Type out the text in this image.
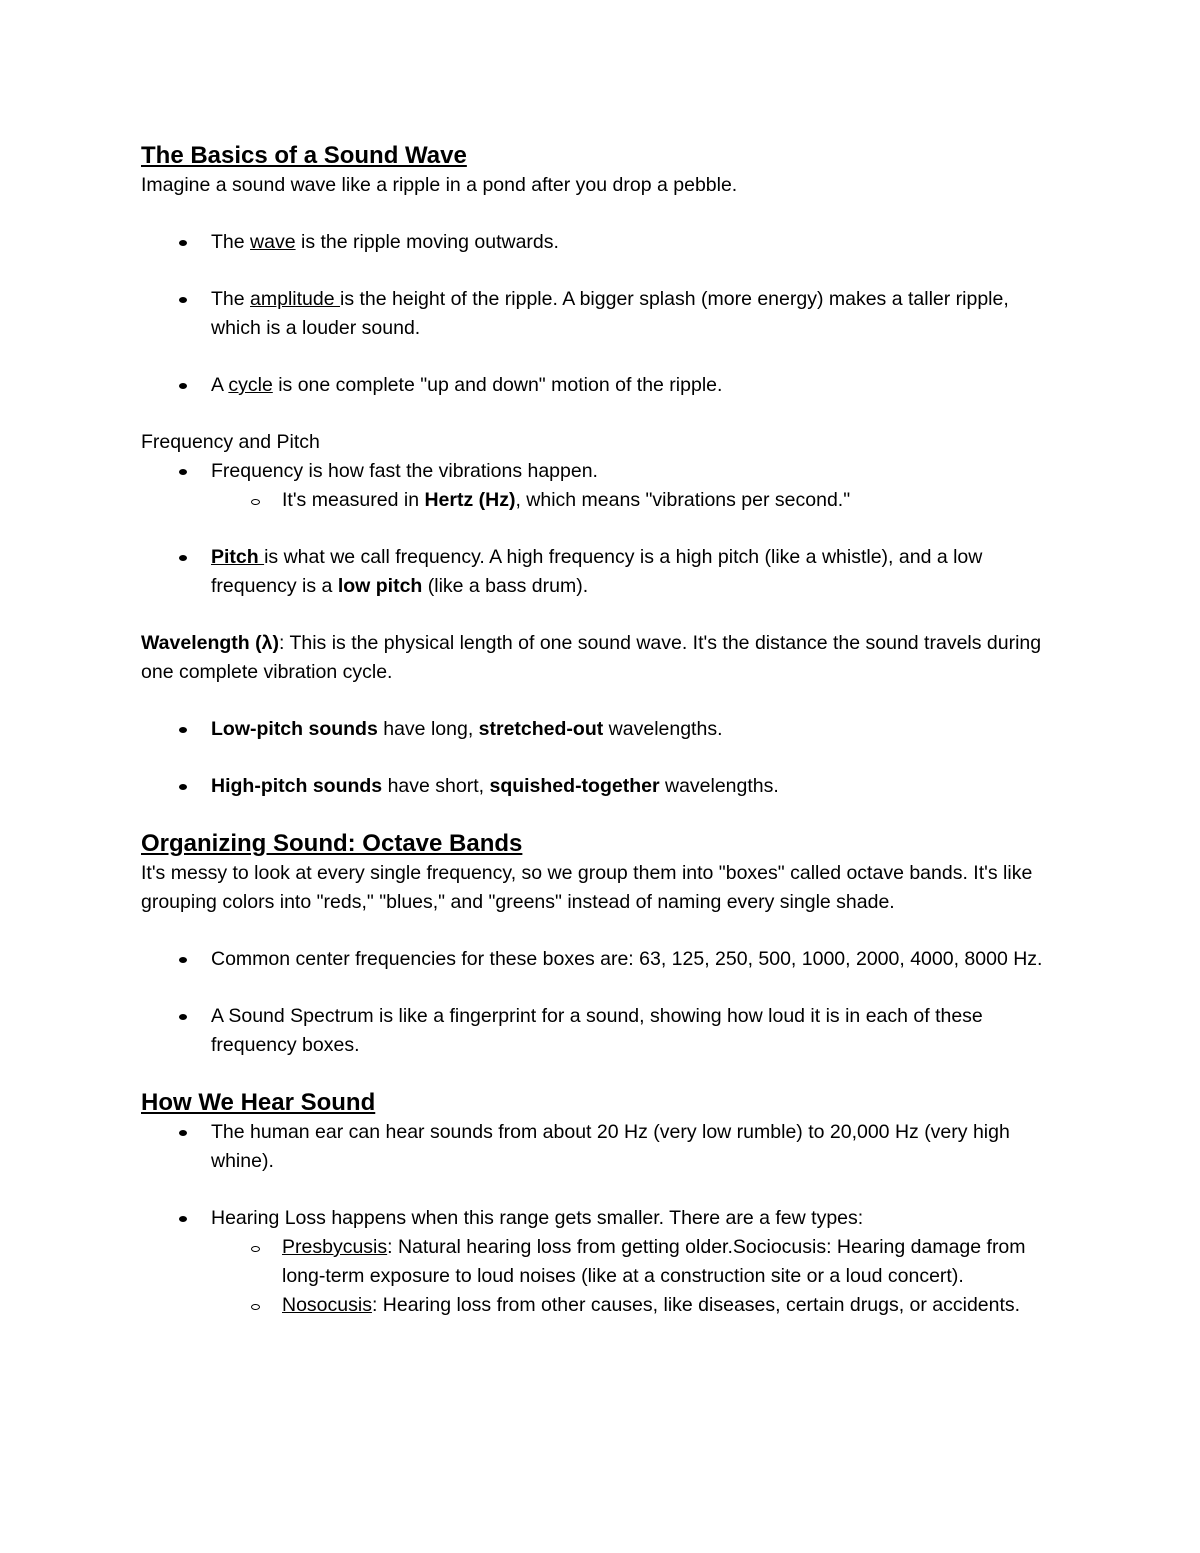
The Basics of a Sound Wave

Imagine a sound wave like a ripple in a pond after you drop a pebble.

The wave is the ripple moving outwards.
The amplitude is the height of the ripple. A bigger splash (more energy) makes a taller ripple, which is a louder sound.
A cycle is one complete "up and down" motion of the ripple.

Frequency and Pitch

Frequency is how fast the vibrations happen.
It's measured in Hertz (Hz), which means "vibrations per second."
Pitch is what we call frequency. A high frequency is a high pitch (like a whistle), and a low frequency is a low pitch (like a bass drum).

Wavelength (λ): This is the physical length of one sound wave. It's the distance the sound travels during one complete vibration cycle.

Low-pitch sounds have long, stretched-out wavelengths.
High-pitch sounds have short, squished-together wavelengths.
Organizing Sound: Octave Bands

It's messy to look at every single frequency, so we group them into "boxes" called octave bands. It's like grouping colors into "reds," "blues," and "greens" instead of naming every single shade.

Common center frequencies for these boxes are: 63, 125, 250, 500, 1000, 2000, 4000, 8000 Hz.
A Sound Spectrum is like a fingerprint for a sound, showing how loud it is in each of these frequency boxes.
How We Hear Sound
The human ear can hear sounds from about 20 Hz (very low rumble) to 20,000 Hz (very high whine).
Hearing Loss happens when this range gets smaller. There are a few types:
Presbycusis: Natural hearing loss from getting older.Sociocusis: Hearing damage from long-term exposure to loud noises (like at a construction site or a loud concert).
Nosocusis: Hearing loss from other causes, like diseases, certain drugs, or accidents.
